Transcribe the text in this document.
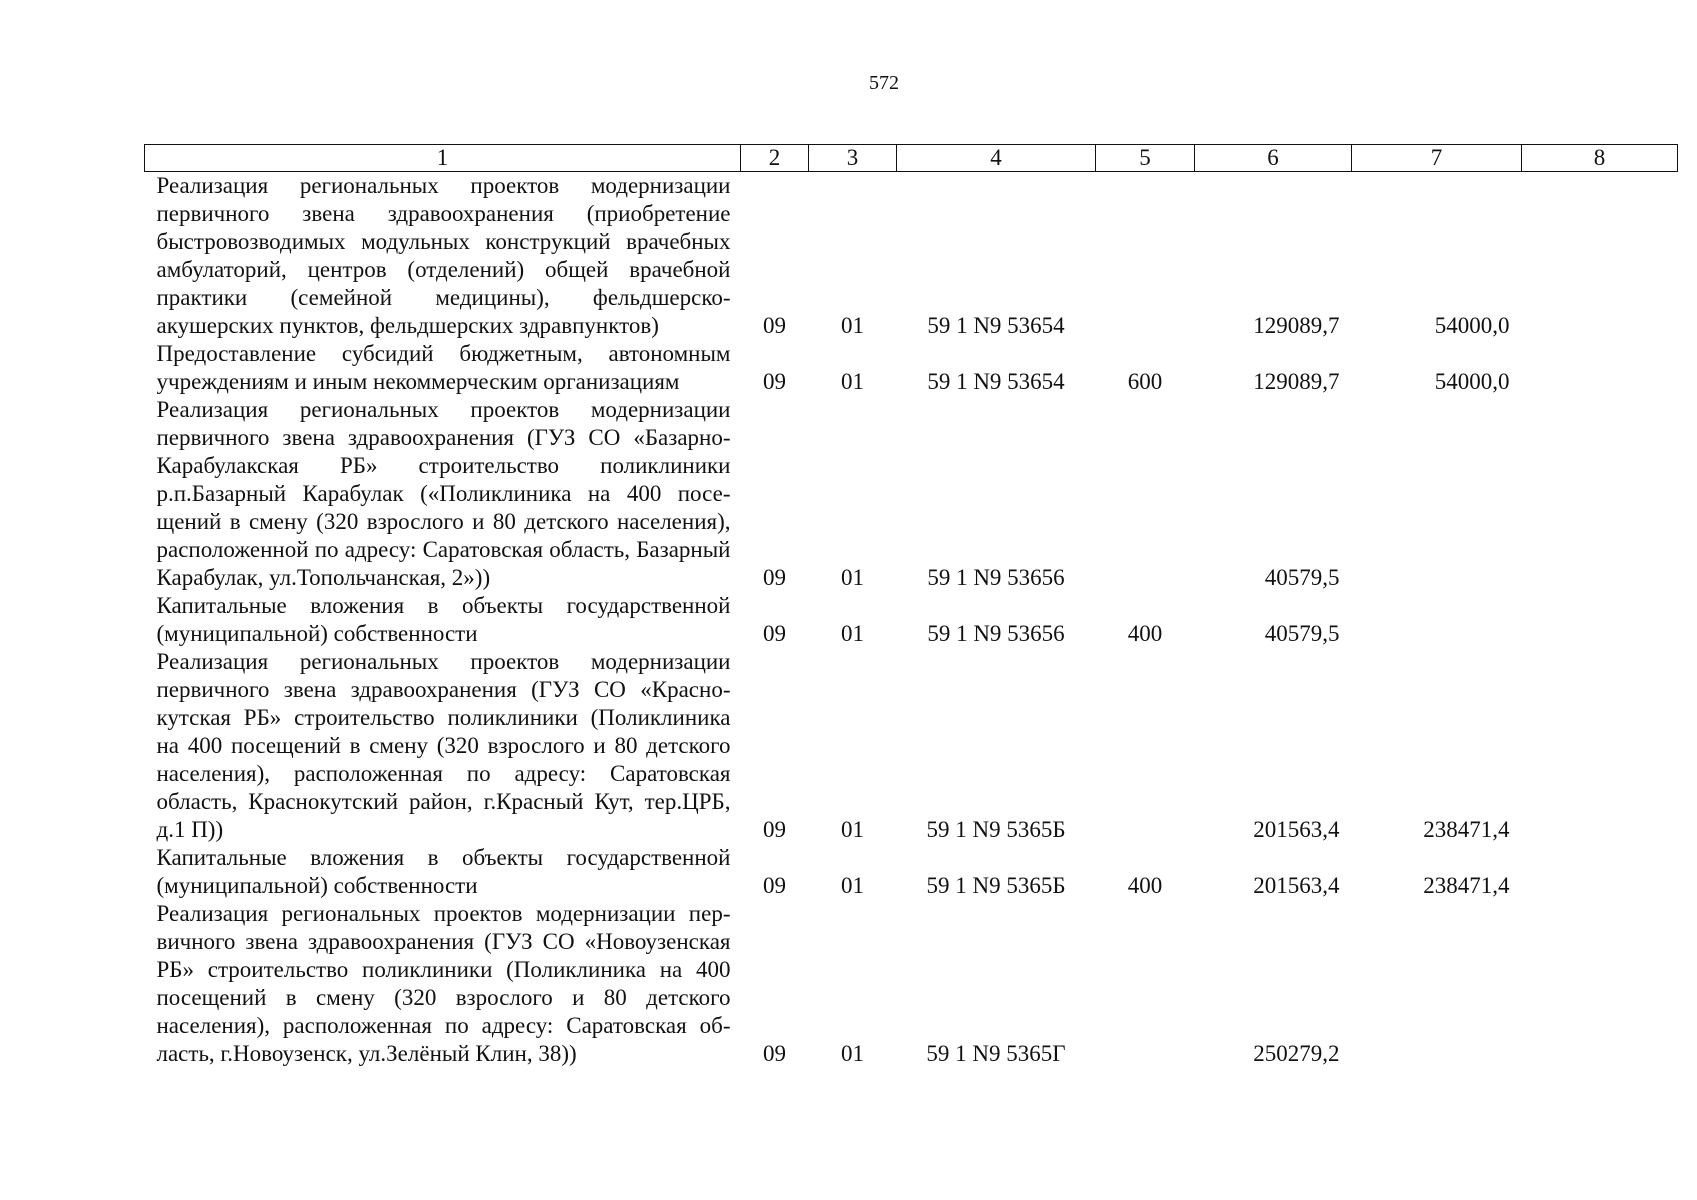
572
1	2	3	4	5	6	7	8
Реализация региональных проектов модернизации первичного звена здравоохранения (приобретение быстровозводимых модульных конструкций врачебных амбулаторий, центров (отделений) общей врачебной практики (семейной медицины), фельдшерско-акушерских пунктов, фельдшерских здравпунктов)	09	01	59 1 N9 53654		129089,7	54000,0	
Предоставление субсидий бюджетным, автономным учреждениям и иным некоммерческим организациям	09	01	59 1 N9 53654	600	129089,7	54000,0	
Реализация региональных проектов модернизации первичного звена здравоохранения (ГУЗ СО «Базарно-Карабулакская РБ» строительство поликлиники р.п.Базарный Карабулак («Поликлиника на 400 посещений в смену (320 взрослого и 80 детского населения), расположенной по адресу: Саратовская область, Базарный Карабулак, ул.Топольчанская, 2»))	09	01	59 1 N9 53656		40579,5		
Капитальные вложения в объекты государственной (муниципальной) собственности	09	01	59 1 N9 53656	400	40579,5		
Реализация региональных проектов модернизации первичного звена здравоохранения (ГУЗ СО «Краснокутская РБ» строительство поликлиники (Поликлиника на 400 посещений в смену (320 взрослого и 80 детского населения), расположенная по адресу: Саратовская область, Краснокутский район, г.Красный Кут, тер.ЦРБ, д.1 П))	09	01	59 1 N9 5365Б		201563,4	238471,4	
Капитальные вложения в объекты государственной (муниципальной) собственности	09	01	59 1 N9 5365Б	400	201563,4	238471,4	
Реализация региональных проектов модернизации первичного звена здравоохранения (ГУЗ СО «Новоузенская РБ» строительство поликлиники (Поликлиника на 400 посещений в смену (320 взрослого и 80 детского населения), расположенная по адресу: Саратовская область, г.Новоузенск, ул.Зелёный Клин, 38))	09	01	59 1 N9 5365Г		250279,2		
